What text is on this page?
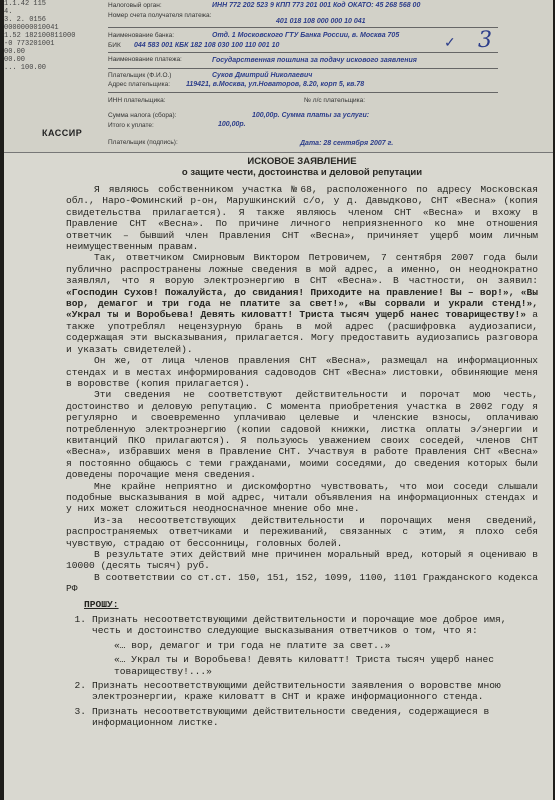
1.1.42 115
4.
3. 2. 0156
0000000010041
1.52 182100811000
-0 773201001
00.00
00.00
... 100.00
Налоговый орган:	ИНН 772 202 523 9 КПП 773 201 001 Код ОКАТО: 45 268 568 00
Номер счета получателя платежа:
401 018 108 000 000 10 041
Наименование банка:	Отд. 1 Московского ГТУ Банка России, в. Москва 705
БИК 044 583 001 КБК 182 108 030 100 110 001 10
Наименование платежа:	Государственная пошлина за подачу искового заявления
Плательщик (Ф.И.О.)	Суков Дмитрий Николаевич
Адрес плательщика: 119421, в.Москва, ул.Новаторов, 8.20, корп 5, кв.78
ИНН плательщика:	№ л/с плательщика:
Сумма налога (сбора):	100,00р. Сумма платы за услуги:
Итого к уплате:	100,00р.
Плательщик (подпись):	Дата: 28 сентября 2007 г.
КАССИР
✓ 3
ИСКОВОЕ ЗАЯВЛЕНИЕ
о защите чести, достоинства и деловой репутации

Я являюсь собственником участка №68, расположенного по адресу Московская обл., Наро-Фоминский р-он, Марушкинский с/о, у д. Давыдково, СНТ «Весна» (копия свидетельства прилагается). Я также являюсь членом СНТ «Весна» и вхожу в Правление СНТ «Весна». По причине личного неприязненного ко мне отношения ответчик – бывший член Правления СНТ «Весна», причиняет ущерб моим личным неимущественным правам.

Так, ответчиком Смирновым Виктором Петровичем, 7 сентября 2007 года были публично распространены ложные сведения в мой адрес, а именно, он неоднократно заявлял, что я ворую электроэнергию в СНТ «Весна». В частности, он заявил: «Господин Сухов! Пожалуйста, до свидания! Приходите на правление! Вы – вор!», «Вы вор, демагог и три года не платите за свет!», «Вы сорвали и украли стенд!», «Украл ты и Воробьева! Девять киловатт! Триста тысяч ущерб нанес товариществу!» а также употреблял нецензурную брань в мой адрес (расшифровка аудиозаписи, содержащая эти высказывания, прилагается. Могу предоставить аудиозапись разговора и указать свидетелей).

Он же, от лица членов правления СНТ «Весна», размещал на информационных стендах и в местах информирования садоводов СНТ «Весна» листовки, обвиняющие меня в воровстве (копия прилагается).

Эти сведения не соответствуют действительности и порочат мою честь, достоинство и деловую репутацию. С момента приобретения участка в 2002 году я регулярно и своевременно уплачиваю целевые и членские взносы, оплачиваю потребленную электроэнергию (копии садовой книжки, листка оплаты э/энергии и квитанций ПКО прилагаются). Я пользуюсь уважением своих соседей, членов СНТ «Весна», избравших меня в Правление СНТ. Участвуя в работе Правления СНТ «Весна» я постоянно общаюсь с теми гражданами, моими соседями, до сведения которых были доведены порочащие меня сведения.

Мне крайне неприятно и дискомфортно чувствовать, что мои соседи слышали подобные высказывания в мой адрес, читали объявления на информационных стендах и у них может сложиться неодносначное мнение обо мне.

Из-за несоответствующих действительности и порочащих меня сведений, распространяемых ответчиками и переживаний, связанных с этим, я плохо себя чувствую, страдаю от бессонницы, головных болей.

В результате этих действий мне причинен моральный вред, который я оцениваю в 10000 (десять тысяч) руб.

В соответствии со ст.ст. 150, 151, 152, 1099, 1100, 1101 Гражданского кодекса РФ

ПРОШУ:
1. Признать несоответствующими действительности и порочащие мое доброе имя, честь и достоинство следующие высказывания ответчиков о том, что я:
«… вор, демагог и три года не платите за свет..»
«… Украл ты и Воробьева! Девять киловатт! Триста тысяч ущерб нанес товариществу!...»
2. Признать несоответствующими действительности заявления о воровстве мною электроэнергии, краже киловатт в СНТ и краже информационного стенда.
3. Признать несоответствующими действительности сведения, содержащиеся в информационном листке.
